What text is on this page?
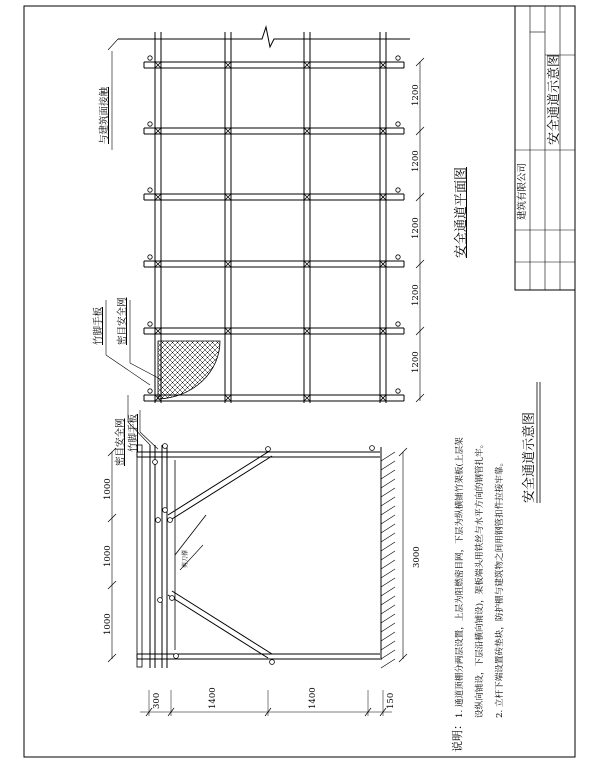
安全通道平面图
与建筑面接触
竹脚手板 密目安全网
1200
1200
1200
1200
1200
密目安全网 竹脚手板
剪刀撑
1000
1000
1000
3000
300	1400	1400	150
安全通道示意图
说明：
1. 通道顶棚分两层设置，上层为阻燃密目网，下层为纵横铺竹架板(上层架 设纵向铺设，下层沿横向铺设)，架板端头用铁丝与水平方向的钢管扎牢。 2. 立杆下端设置砖垫块，防护棚与建筑物之间用钢管扣件拉接牢靠。
建筑有限公司
安全通道示意图
